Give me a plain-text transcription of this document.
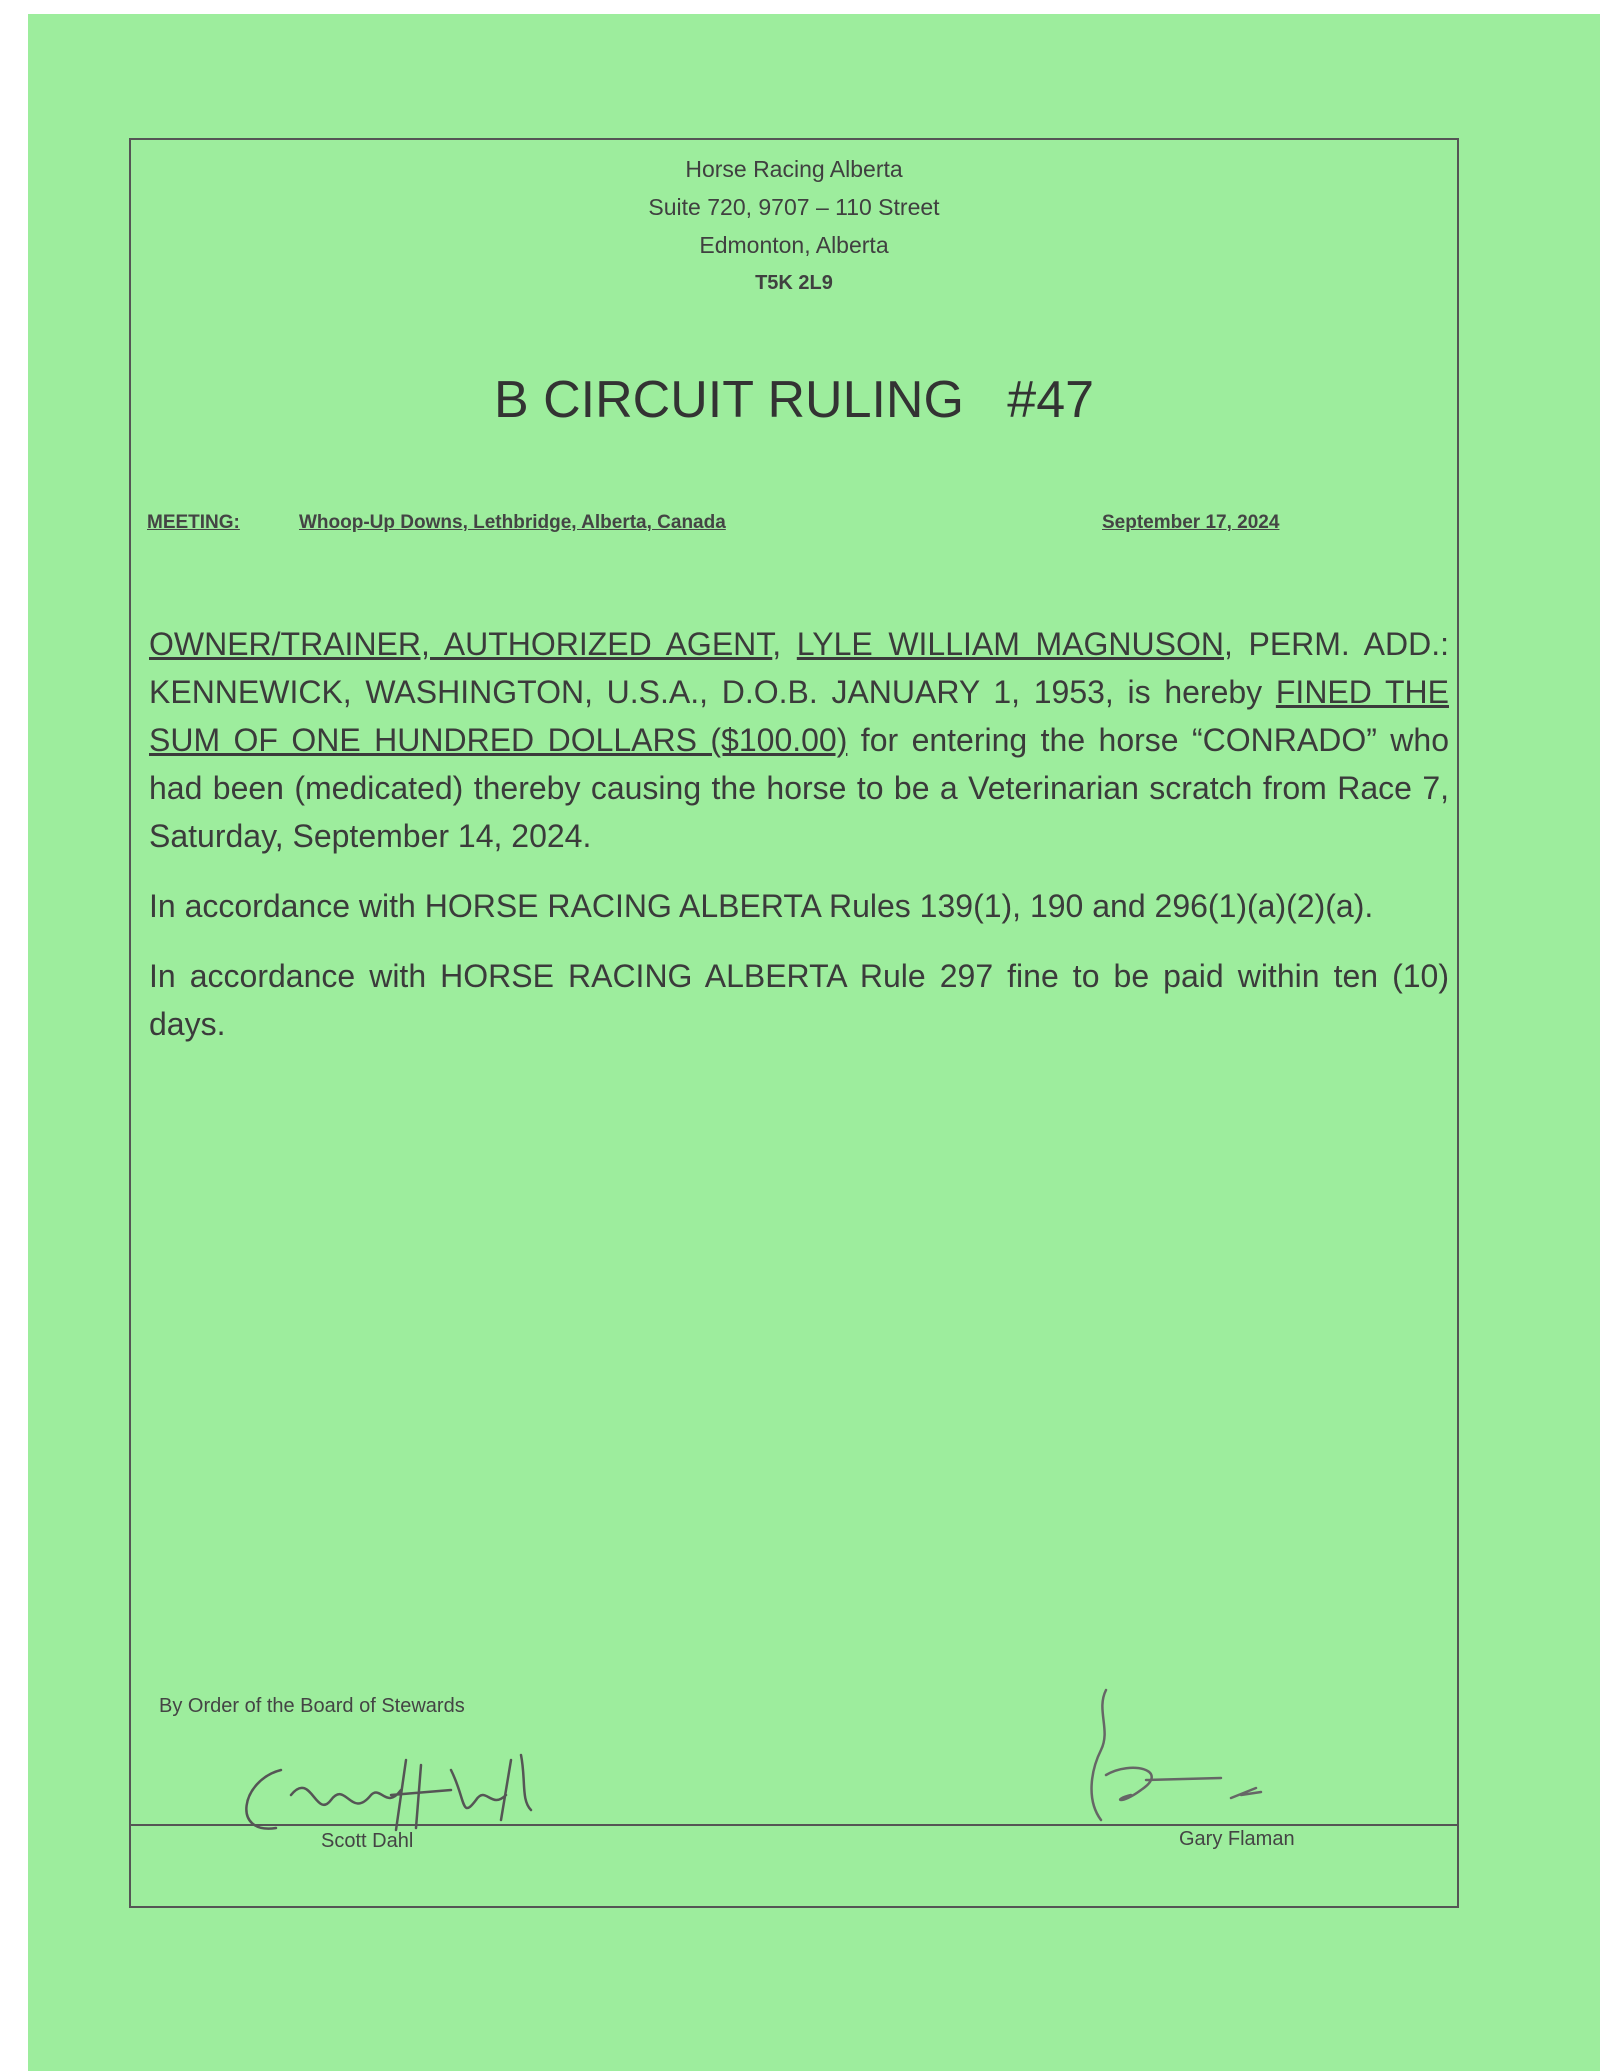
Horse Racing Alberta
Suite 720, 9707 – 110 Street
Edmonton, Alberta
T5K 2L9
B CIRCUIT RULING   #47
MEETING:	Whoop-Up Downs, Lethbridge, Alberta, Canada	September 17, 2024

OWNER/TRAINER, AUTHORIZED AGENT, LYLE WILLIAM MAGNUSON, PERM. ADD.: KENNEWICK, WASHINGTON, U.S.A., D.O.B. JANUARY 1, 1953, is hereby FINED THE SUM OF ONE HUNDRED DOLLARS ($100.00) for entering the horse “CONRADO” who had been (medicated) thereby causing the horse to be a Veterinarian scratch from Race 7, Saturday, September 14, 2024.

In accordance with HORSE RACING ALBERTA Rules 139(1), 190 and 296(1)(a)(2)(a).

In accordance with HORSE RACING ALBERTA Rule 297 fine to be paid within ten (10) days.

By Order of the Board of Stewards
Scott Dahl	Gary Flaman
